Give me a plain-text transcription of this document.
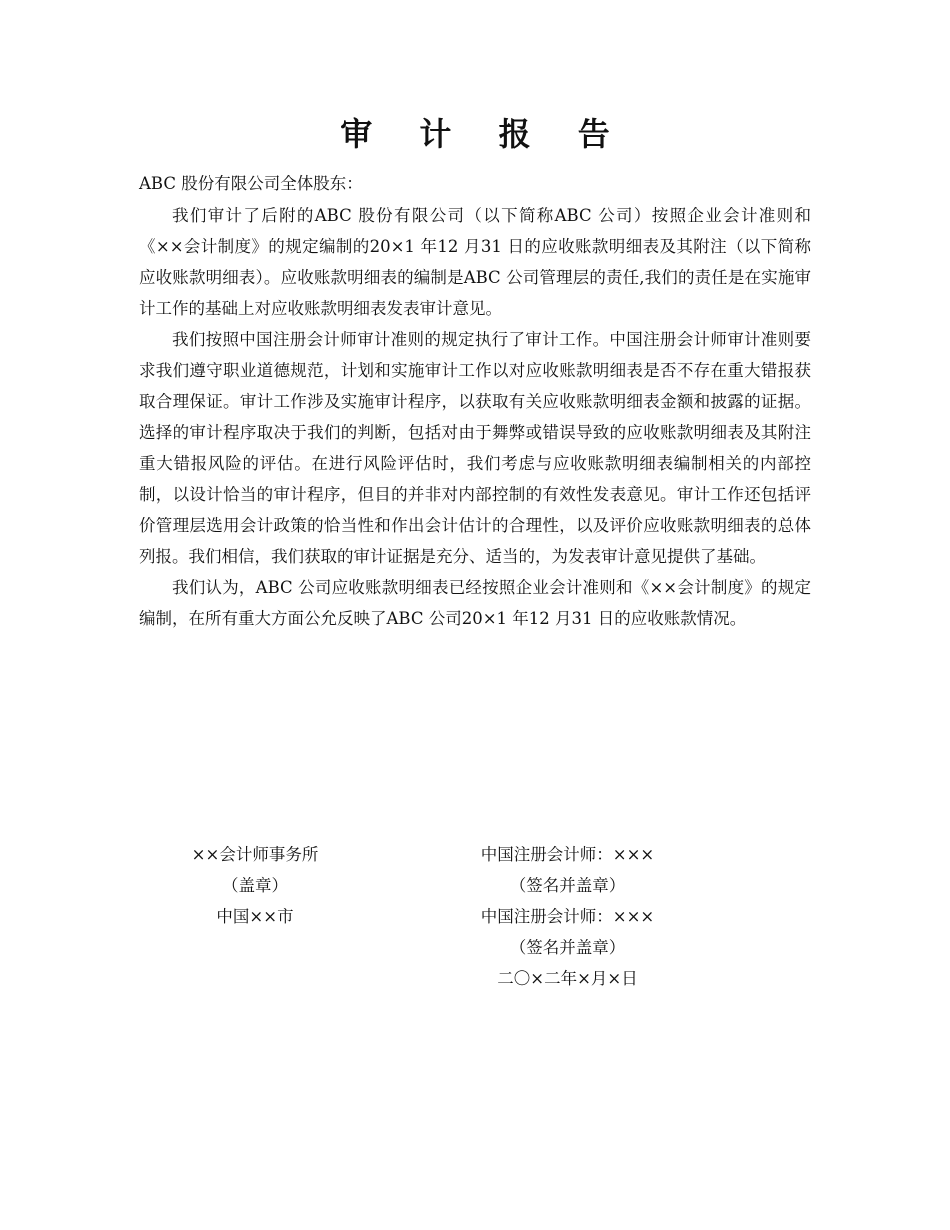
审 计 报 告
ABC 股份有限公司全体股东：

我们审计了后附的ABC 股份有限公司（以下简称ABC 公司）按照企业会计准则和《××会计制度》的规定编制的20×1 年12 月31 日的应收账款明细表及其附注（以下简称应收账款明细表）。应收账款明细表的编制是ABC 公司管理层的责任,我们的责任是在实施审计工作的基础上对应收账款明细表发表审计意见。

我们按照中国注册会计师审计准则的规定执行了审计工作。中国注册会计师审计准则要求我们遵守职业道德规范，计划和实施审计工作以对应收账款明细表是否不存在重大错报获取合理保证。审计工作涉及实施审计程序，以获取有关应收账款明细表金额和披露的证据。选择的审计程序取决于我们的判断，包括对由于舞弊或错误导致的应收账款明细表及其附注重大错报风险的评估。在进行风险评估时，我们考虑与应收账款明细表编制相关的内部控制，以设计恰当的审计程序，但目的并非对内部控制的有效性发表意见。审计工作还包括评价管理层选用会计政策的恰当性和作出会计估计的合理性，以及评价应收账款明细表的总体列报。我们相信，我们获取的审计证据是充分、适当的，为发表审计意见提供了基础。

我们认为，ABC 公司应收账款明细表已经按照企业会计准则和《××会计制度》的规定编制，在所有重大方面公允反映了ABC 公司20×1 年12 月31 日的应收账款情况。

××会计师事务所
（盖章）
中国××市
中国注册会计师：×××
（签名并盖章）
中国注册会计师：×××
（签名并盖章）
二〇×二年×月×日
